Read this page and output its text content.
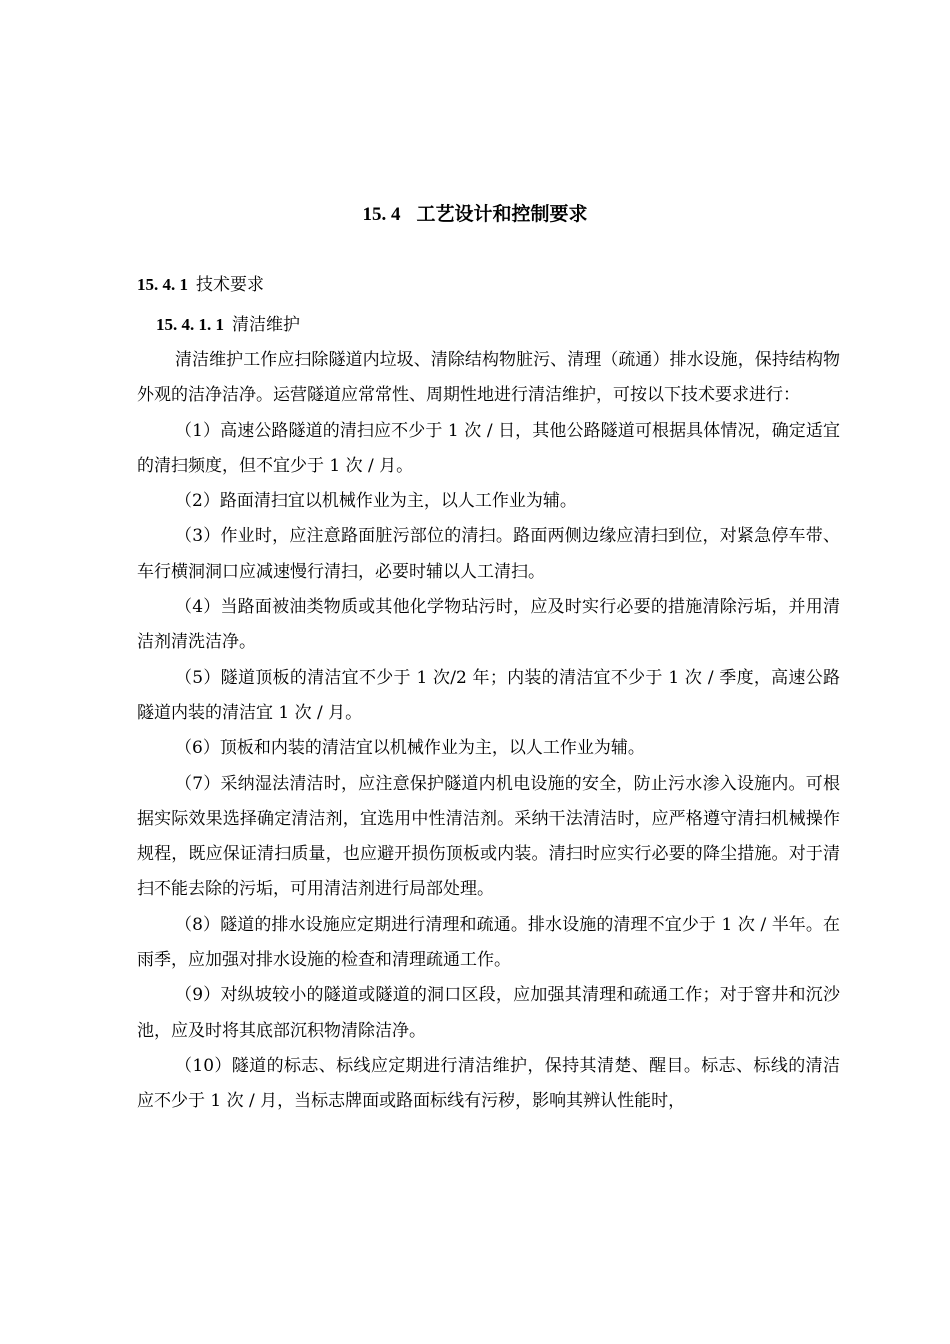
15. 4 工艺设计和控制要求
15. 4. 1 技术要求
15. 4. 1. 1 清洁维护

清洁维护工作应扫除隧道内垃圾、清除结构物脏污、清理（疏通）排水设施，保持结构物外观的洁净洁净。运营隧道应常常性、周期性地进行清洁维护，可按以下技术要求进行：

（1）高速公路隧道的清扫应不少于 1 次 / 日，其他公路隧道可根据具体情况，确定适宜的清扫频度，但不宜少于 1 次 / 月。

（2）路面清扫宜以机械作业为主，以人工作业为辅。

（3）作业时，应注意路面脏污部位的清扫。路面两侧边缘应清扫到位，对紧急停车带、车行横洞洞口应减速慢行清扫，必要时辅以人工清扫。

（4）当路面被油类物质或其他化学物玷污时，应及时实行必要的措施清除污垢，并用清洁剂清洗洁净。

（5）隧道顶板的清洁宜不少于 1 次/2 年；内装的清洁宜不少于 1 次 / 季度，高速公路隧道内装的清洁宜 1 次 / 月。

（6）顶板和内装的清洁宜以机械作业为主，以人工作业为辅。

（7）采纳湿法清洁时，应注意保护隧道内机电设施的安全，防止污水渗入设施内。可根据实际效果选择确定清洁剂，宜选用中性清洁剂。采纳干法清洁时，应严格遵守清扫机械操作规程，既应保证清扫质量，也应避开损伤顶板或内装。清扫时应实行必要的降尘措施。对于清扫不能去除的污垢，可用清洁剂进行局部处理。

（8）隧道的排水设施应定期进行清理和疏通。排水设施的清理不宜少于 1 次 / 半年。在雨季，应加强对排水设施的检查和清理疏通工作。

（9）对纵坡较小的隧道或隧道的洞口区段，应加强其清理和疏通工作；对于窨井和沉沙池，应及时将其底部沉积物清除洁净。

（10）隧道的标志、标线应定期进行清洁维护，保持其清楚、醒目。标志、标线的清洁应不少于 1 次 / 月，当标志牌面或路面标线有污秽，影响其辨认性能时，
